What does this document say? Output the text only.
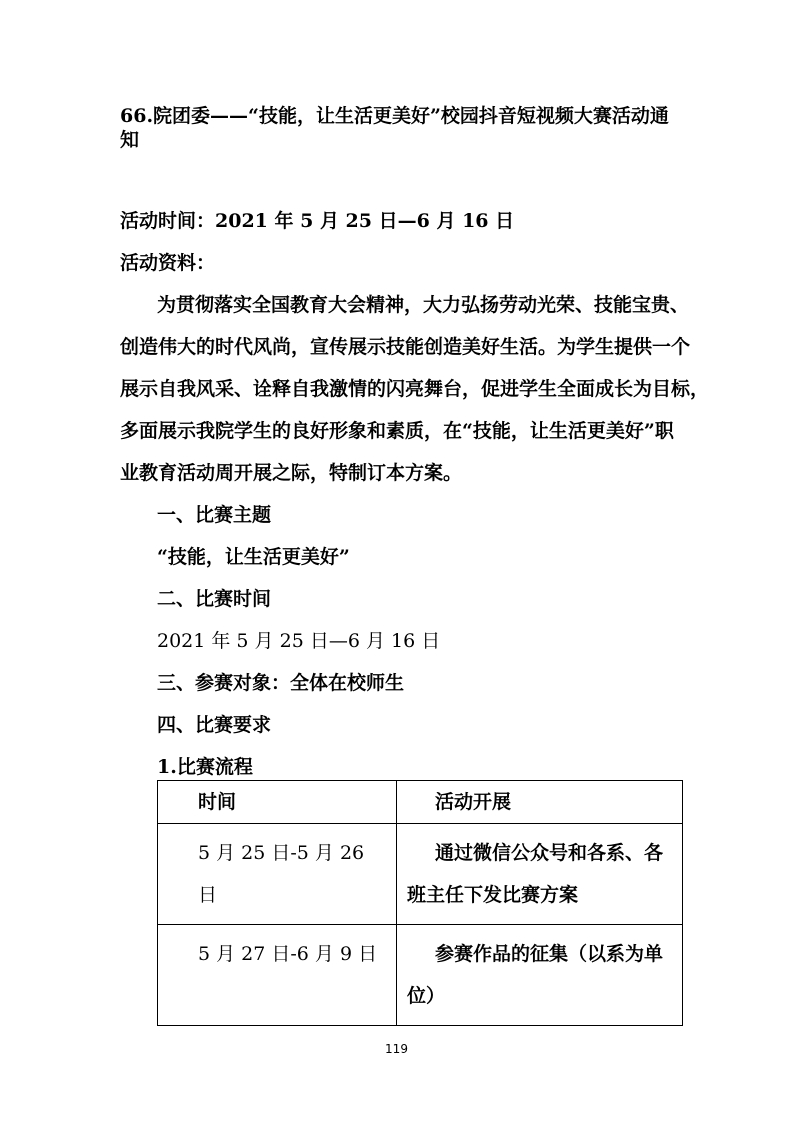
66.院团委——“技能，让生活更美好”校园抖音短视频大赛活动通知
活动时间：2021 年 5 月 25 日—6 月 16 日
活动资料：
为贯彻落实全国教育大会精神，大力弘扬劳动光荣、技能宝贵、
创造伟大的时代风尚，宣传展示技能创造美好生活。为学生提供一个
展示自我风采、诠释自我激情的闪亮舞台，促进学生全面成长为目标，
多面展示我院学生的良好形象和素质，在“技能，让生活更美好”职
业教育活动周开展之际，特制订本方案。
一、比赛主题
“技能，让生活更美好”
二、比赛时间
2021 年 5 月 25 日—6 月 16 日
三、参赛对象：全体在校师生
四、比赛要求
1.比赛流程
时间	活动开展
5 月 25 日-5 月 26 日
通过微信公众号和各系、各班主任下发比赛方案
5 月 27 日-6 月 9 日	参赛作品的征集（以系为单位）
119
